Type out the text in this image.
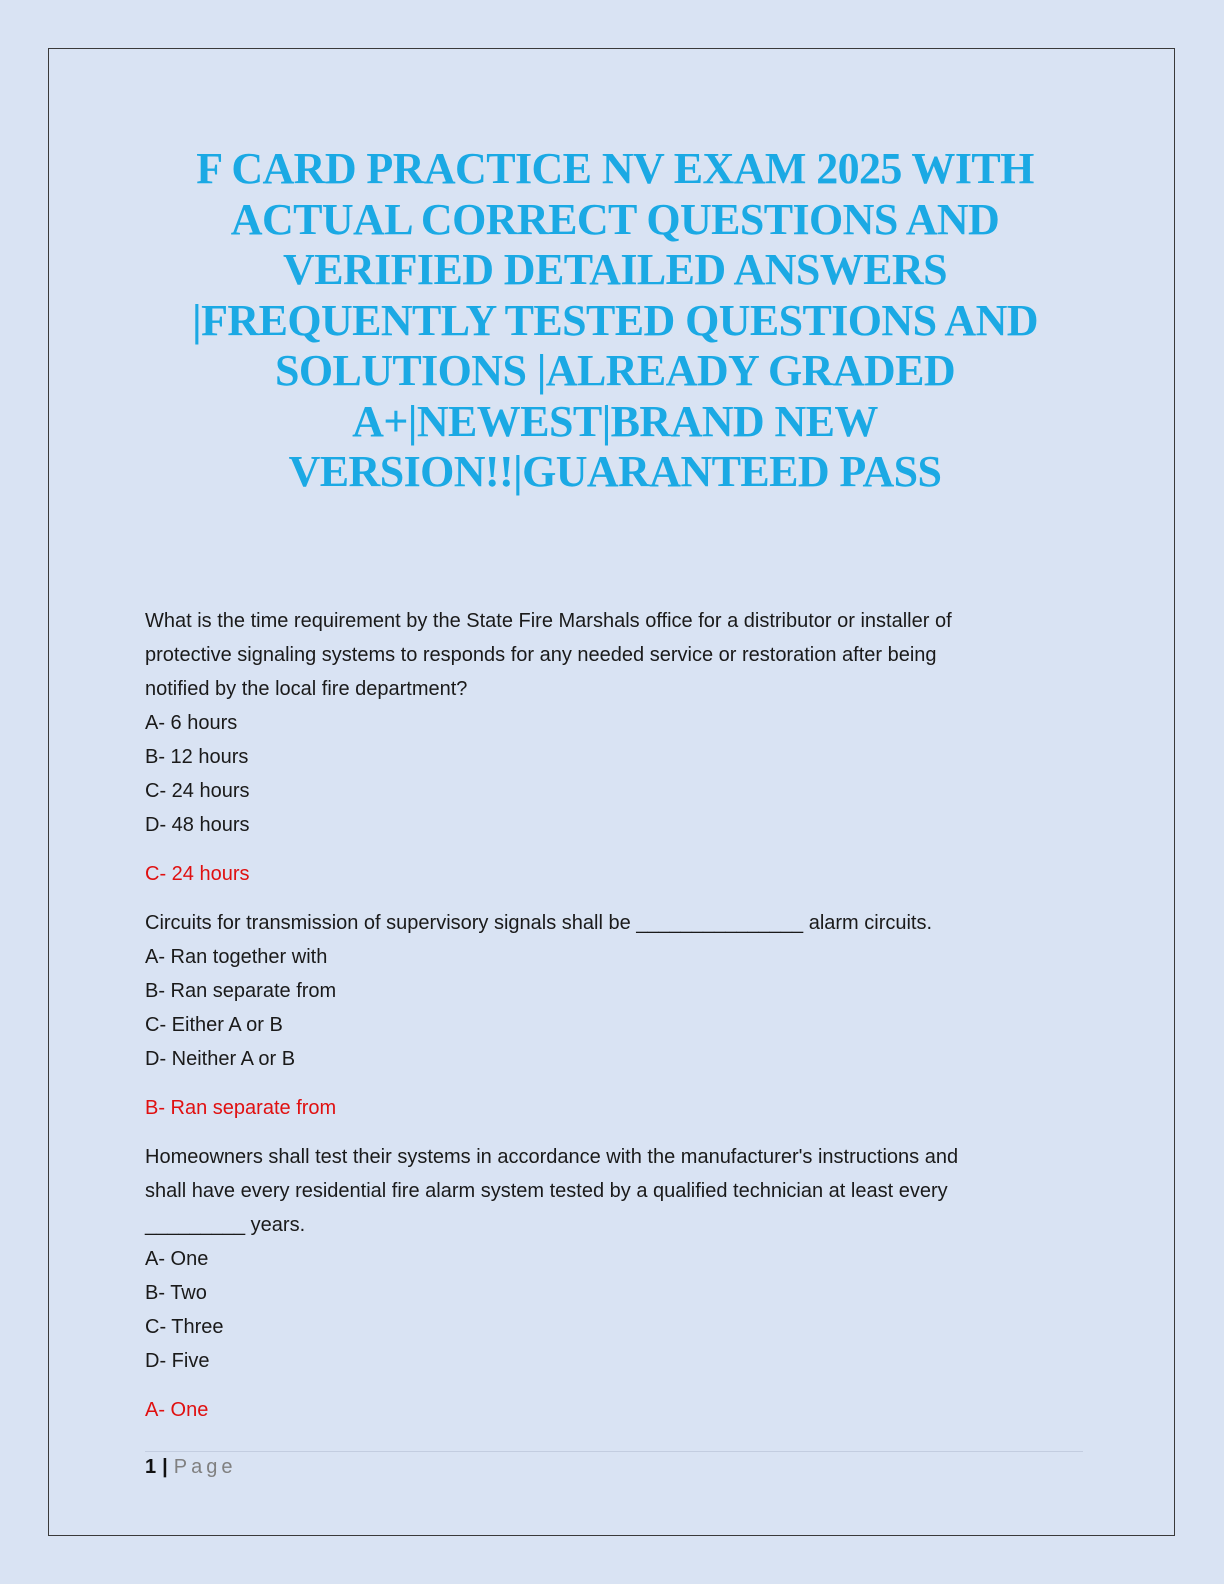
F CARD PRACTICE NV EXAM 2025 WITH
ACTUAL CORRECT QUESTIONS AND
VERIFIED DETAILED ANSWERS
|FREQUENTLY TESTED QUESTIONS AND
SOLUTIONS |ALREADY GRADED
A+|NEWEST|BRAND NEW
VERSION!!|GUARANTEED PASS
What is the time requirement by the State Fire Marshals office for a distributor or installer of
protective signaling systems to responds for any needed service or restoration after being
notified by the local fire department?
A- 6 hours
B- 12 hours
C- 24 hours
D- 48 hours
C- 24 hours
Circuits for transmission of supervisory signals shall be _______________ alarm circuits.
A- Ran together with
B- Ran separate from
C- Either A or B
D- Neither A or B
B- Ran separate from
Homeowners shall test their systems in accordance with the manufacturer's instructions and
shall have every residential fire alarm system tested by a qualified technician at least every
_________ years.
A- One
B- Two
C- Three
D- Five
A- One
1 | Page
